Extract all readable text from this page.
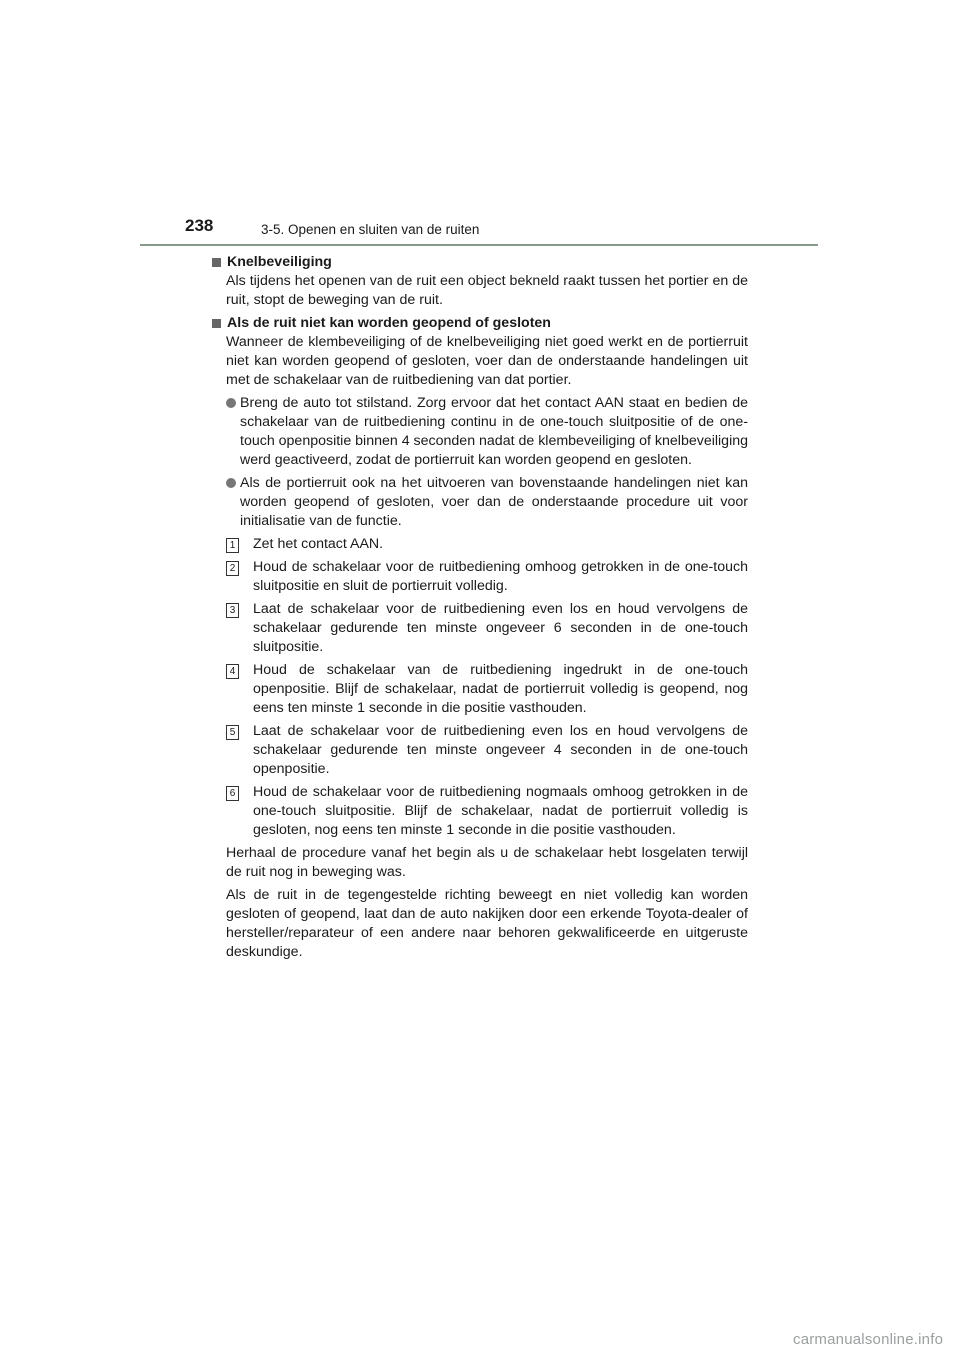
238	3-5. Openen en sluiten van de ruiten
Knelbeveiliging

Als tijdens het openen van de ruit een object bekneld raakt tussen het portier en de ruit, stopt de beweging van de ruit.

Als de ruit niet kan worden geopend of gesloten

Wanneer de klembeveiliging of de knelbeveiliging niet goed werkt en de portierruit niet kan worden geopend of gesloten, voer dan de onderstaande handelingen uit met de schakelaar van de ruitbediening van dat portier.

Breng de auto tot stilstand. Zorg ervoor dat het contact AAN staat en bedien de schakelaar van de ruitbediening continu in de one-touch sluitpositie of de one-touch openpositie binnen 4 seconden nadat de klembeveiliging of knelbeveiliging werd geactiveerd, zodat de portierruit kan worden geopend en gesloten.
Als de portierruit ook na het uitvoeren van bovenstaande handelingen niet kan worden geopend of gesloten, voer dan de onderstaande procedure uit voor initialisatie van de functie.
1 Zet het contact AAN.
2 Houd de schakelaar voor de ruitbediening omhoog getrokken in de one-touch sluitpositie en sluit de portierruit volledig.
3 Laat de schakelaar voor de ruitbediening even los en houd vervolgens de schakelaar gedurende ten minste ongeveer 6 seconden in de one-touch sluitpositie.
4 Houd de schakelaar van de ruitbediening ingedrukt in de one-touch openpositie. Blijf de schakelaar, nadat de portierruit volledig is geopend, nog eens ten minste 1 seconde in die positie vasthouden.
5 Laat de schakelaar voor de ruitbediening even los en houd vervolgens de schakelaar gedurende ten minste ongeveer 4 seconden in de one-touch openpositie.
6 Houd de schakelaar voor de ruitbediening nogmaals omhoog getrokken in de one-touch sluitpositie. Blijf de schakelaar, nadat de portierruit volledig is gesloten, nog eens ten minste 1 seconde in die positie vasthouden.

Herhaal de procedure vanaf het begin als u de schakelaar hebt losgelaten terwijl de ruit nog in beweging was.

Als de ruit in de tegengestelde richting beweegt en niet volledig kan worden gesloten of geopend, laat dan de auto nakijken door een erkende Toyota-dealer of hersteller/reparateur of een andere naar behoren gekwalificeerde en uitgeruste deskundige.

carmanualsonline.info
